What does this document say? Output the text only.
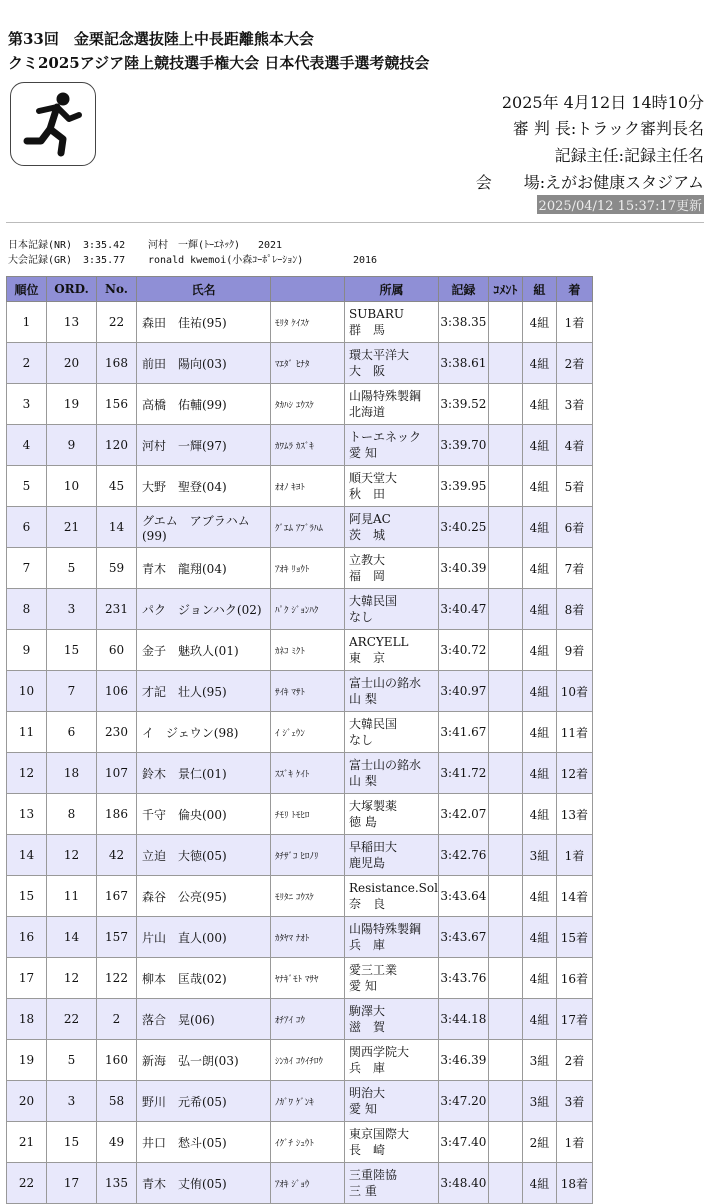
第33回　金栗記念選抜陸上中長距離熊本大会
クミ2025アジア陸上競技選手権大会 日本代表選手選考競技会
2025年 4月12日 14時10分
審 判 長:トラック審判長名
記録主任:記録主任名
会　　場:えがお健康スタジアム
2025/04/12 15:37:17更新
日本記録(NR) 3:35.42 河村　一輝(ﾄｰｴﾈｯｸ) 2021
大会記録(GR) 3:35.77 ronald kwemoi(小森ｺｰﾎﾟﾚｰｼｮﾝ)	2016
順位	ORD.	No.	氏名		所属	記録	ｺﾒﾝﾄ	組	着
1	13	22	森田　佳祐(95)	ﾓﾘﾀ ｹｲｽｹ	SUBARU
群　馬	3:38.35		4組	1着
2	20	168	前田　陽向(03)	ﾏｴﾀﾞ ﾋﾅﾀ	環太平洋大
大　阪	3:38.61		4組	2着
3	19	156	高橋　佑輔(99)	ﾀｶﾊｼ ﾕｳｽｹ	山陽特殊製鋼
北海道	3:39.52		4組	3着
4	9	120	河村　一輝(97)	ｶﾜﾑﾗ ｶｽﾞｷ	トーエネック
愛 知	3:39.70		4組	4着
5	10	45	大野　聖登(04)	ｵｵﾉ ｷﾖﾄ	順天堂大
秋　田	3:39.95		4組	5着
6	21	14	グエム　アブラハム(99)	ｸﾞｴﾑ ｱﾌﾞﾗﾊﾑ	阿見AC
茨　城	3:40.25		4組	6着
7	5	59	青木　龍翔(04)	ｱｵｷ ﾘｮｳﾄ	立教大
福　岡	3:40.39		4組	7着
8	3	231	パク　ジョンハク(02)	ﾊﾟｸ ｼﾞｮﾝﾊｸ	大韓民国
なし	3:40.47		4組	8着
9	15	60	金子　魅玖人(01)	ｶﾈｺ ﾐｸﾄ	ARCYELL
東　京	3:40.72		4組	9着
10	7	106	才記　壮人(95)	ｻｲｷ ﾏｻﾄ	富士山の銘水
山 梨	3:40.97		4組	10着
11	6	230	イ　ジェウン(98)	ｲ ｼﾞｪｳﾝ	大韓民国
なし	3:41.67		4組	11着
12	18	107	鈴木　景仁(01)	ｽｽﾞｷ ｹｲﾄ	富士山の銘水
山 梨	3:41.72		4組	12着
13	8	186	千守　倫央(00)	ﾁﾓﾘ ﾄﾓﾋﾛ	大塚製薬
徳 島	3:42.07		4組	13着
14	12	42	立迫　大徳(05)	ﾀﾁｻﾞｺ ﾋﾛﾉﾘ	早稲田大
鹿児島	3:42.76		3組	1着
15	11	167	森谷　公亮(95)	ﾓﾘﾀﾆ ｺｳｽｹ	Resistance.Sol
奈　良	3:43.64		4組	14着
16	14	157	片山　直人(00)	ｶﾀﾔﾏ ﾅｵﾄ	山陽特殊製鋼
兵　庫	3:43.67		4組	15着
17	12	122	柳本　匡哉(02)	ﾔﾅｷﾞﾓﾄ ﾏｻﾔ	愛三工業
愛 知	3:43.76		4組	16着
18	22	2	落合　晃(06)	ｵﾁｱｲ ｺｳ	駒澤大
滋　賀	3:44.18		4組	17着
19	5	160	新海　弘一朗(03)	ｼﾝｶｲ ｺｳｲﾁﾛｳ	関西学院大
兵　庫	3:46.39		3組	2着
20	3	58	野川　元希(05)	ﾉｶﾞﾜ ｹﾞﾝｷ	明治大
愛 知	3:47.20		3組	3着
21	15	49	井口　愁斗(05)	ｲｸﾞﾁ ｼｭｳﾄ	東京国際大
長　崎	3:47.40		2組	1着
22	17	135	青木　丈侑(05)	ｱｵｷ ｼﾞｮｳ	三重陸協
三 重	3:48.40		4組	18着
